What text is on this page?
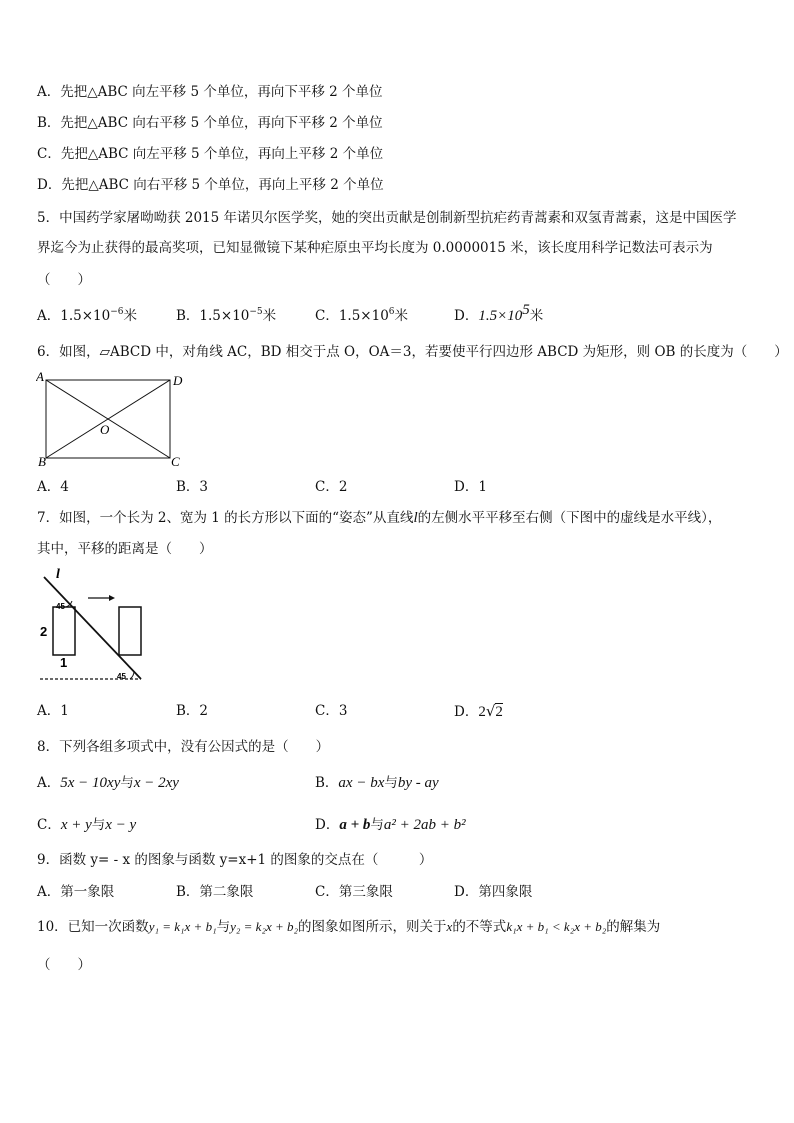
A．先把△ABC 向左平移 5 个单位，再向下平移 2 个单位
B．先把△ABC 向右平移 5 个单位，再向下平移 2 个单位
C．先把△ABC 向左平移 5 个单位，再向上平移 2 个单位
D．先把△ABC 向右平移 5 个单位，再向上平移 2 个单位
5．中国药学家屠呦呦获 2015 年诺贝尔医学奖，她的突出贡献是创制新型抗疟药青蒿素和双氢青蒿素，这是中国医学
界迄今为止获得的最高奖项，已知显微镜下某种疟原虫平均长度为 0.0000015 米，该长度用科学记数法可表示为
（　　）
A．$1.5\times 10^{-6}$米	B．$1.5\times 10^{-5}$米	C．$1.5\times 10^6$米	D．$1.5\times 10^5$米
6．如图，▱ABCD 中，对角线 AC，BD 相交于点 O，OA＝3，若要使平行四边形 ABCD 为矩形，则 OB 的长度为（　　）
A	D
B	C
O
A．4	B．3	C．2	D．1
7．如图，一个长为 2、宽为 1 的长方形以下面的“姿态”从直线l的左侧水平平移至右侧（下图中的虚线是水平线），
其中，平移的距离是（　　）
l
45
45
2
1
A．1	B．2	C．3	D．2√2
8．下列各组多项式中，没有公因式的是（　　）
A．5x − 10xy与x − 2xy	B．ax − bx与by - ay
C．x + y与x − y	D．a + b与a² + 2ab + b²
9．函数 y= - x 的图象与函数 y=x+1 的图象的交点在（　　　）
A．第一象限	B．第二象限	C．第三象限	D．第四象限
10．已知一次函数y₁ = k₁x + b₁与y₂ = k₂x + b₂的图象如图所示，则关于x的不等式k₁x + b₁ < k₂x + b₂的解集为
（　　）
